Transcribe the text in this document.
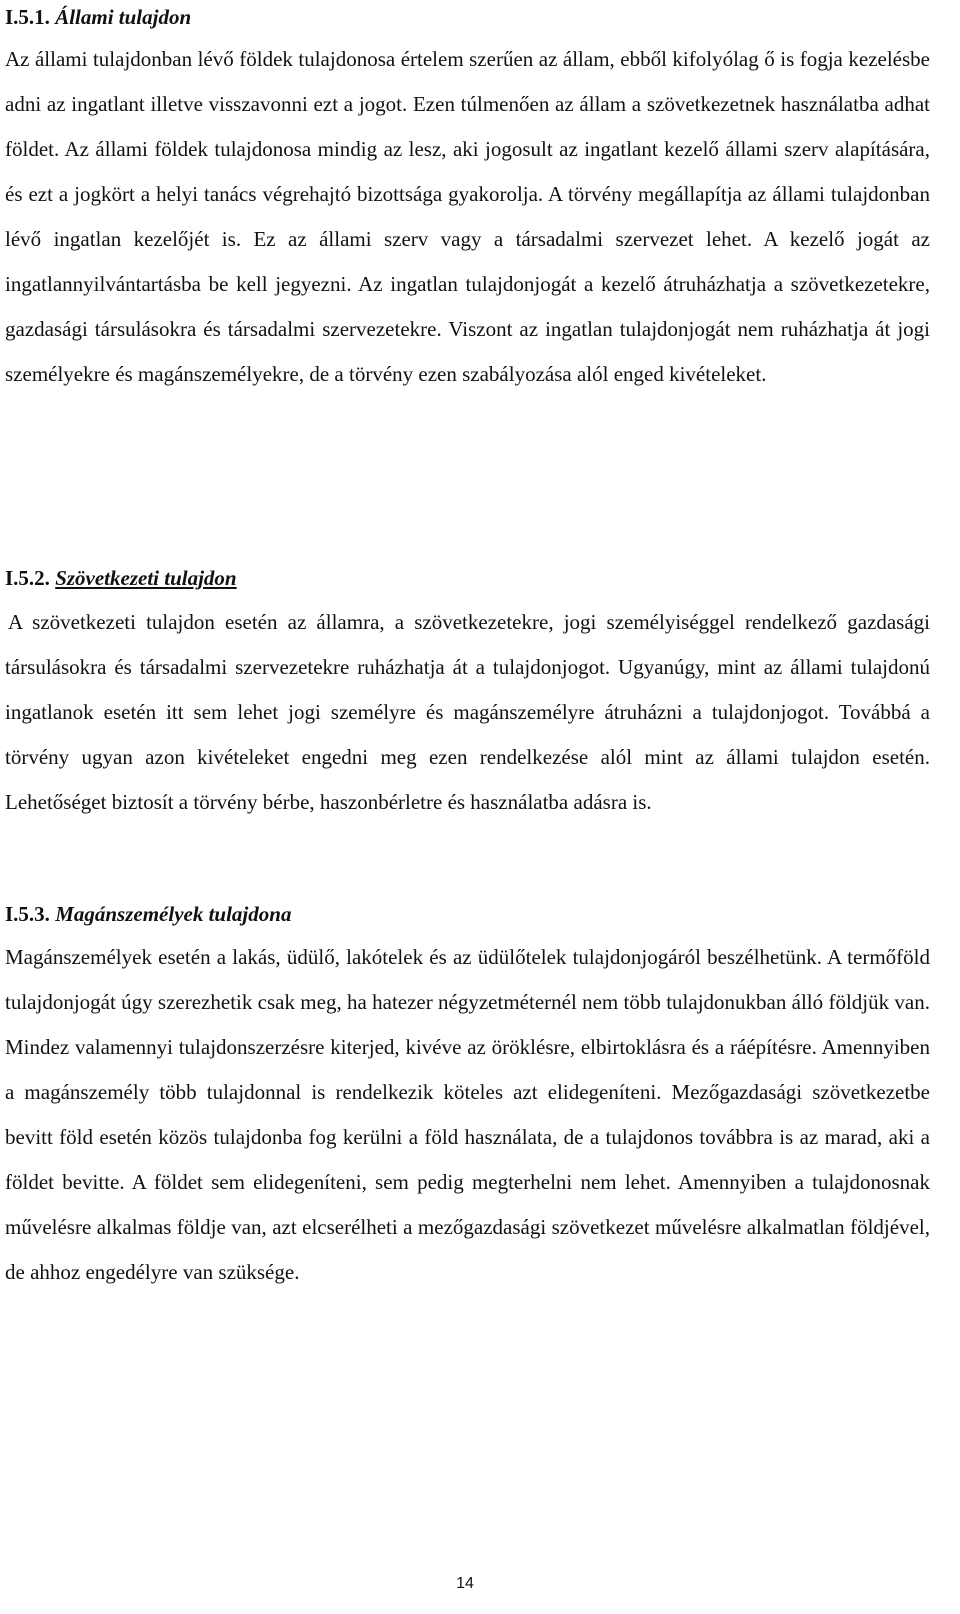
I.5.1. Állami tulajdon

Az állami tulajdonban lévő földek tulajdonosa értelem szerűen az állam, ebből kifolyólag ő is fogja kezelésbe adni az ingatlant illetve visszavonni ezt a jogot. Ezen túlmenően az állam a szövetkezetnek használatba adhat földet. Az állami földek tulajdonosa mindig az lesz, aki jogosult az ingatlant kezelő állami szerv alapítására, és ezt a jogkört a helyi tanács végrehajtó bizottsága gyakorolja. A törvény megállapítja az állami tulajdonban lévő ingatlan kezelőjét is. Ez az állami szerv vagy a társadalmi szervezet lehet. A kezelő jogát az ingatlannyilvántartásba be kell jegyezni. Az ingatlan tulajdonjogát a kezelő átruházhatja a szövetkezetekre, gazdasági társulásokra és társadalmi szervezetekre. Viszont az ingatlan tulajdonjogát nem ruházhatja át jogi személyekre és magánszemélyekre, de a törvény ezen szabályozása alól enged kivételeket.

I.5.2. Szövetkezeti tulajdon

A szövetkezeti tulajdon esetén az államra, a szövetkezetekre, jogi személyiséggel rendelkező gazdasági társulásokra és társadalmi szervezetekre ruházhatja át a tulajdonjogot. Ugyanúgy, mint az állami tulajdonú ingatlanok esetén itt sem lehet jogi személyre és magánszemélyre átruházni a tulajdonjogot. Továbbá a törvény ugyan azon kivételeket engedni meg ezen rendelkezése alól mint az állami tulajdon esetén. Lehetőséget biztosít a törvény bérbe, haszonbérletre és használatba adásra is.

I.5.3. Magánszemélyek tulajdona

Magánszemélyek esetén a lakás, üdülő, lakótelek és az üdülőtelek tulajdonjogáról beszélhetünk. A termőföld tulajdonjogát úgy szerezhetik csak meg, ha hatezer négyzetméternél nem több tulajdonukban álló földjük van. Mindez valamennyi tulajdonszerzésre kiterjed, kivéve az öröklésre, elbirtoklásra és a ráépítésre. Amennyiben a magánszemély több tulajdonnal is rendelkezik köteles azt elidegeníteni. Mezőgazdasági szövetkezetbe bevitt föld esetén közös tulajdonba fog kerülni a föld használata, de a tulajdonos továbbra is az marad, aki a földet bevitte. A földet sem elidegeníteni, sem pedig megterhelni nem lehet. Amennyiben a tulajdonosnak művelésre alkalmas földje van, azt elcserélheti a mezőgazdasági szövetkezet művelésre alkalmatlan földjével, de ahhoz engedélyre van szüksége.

14
